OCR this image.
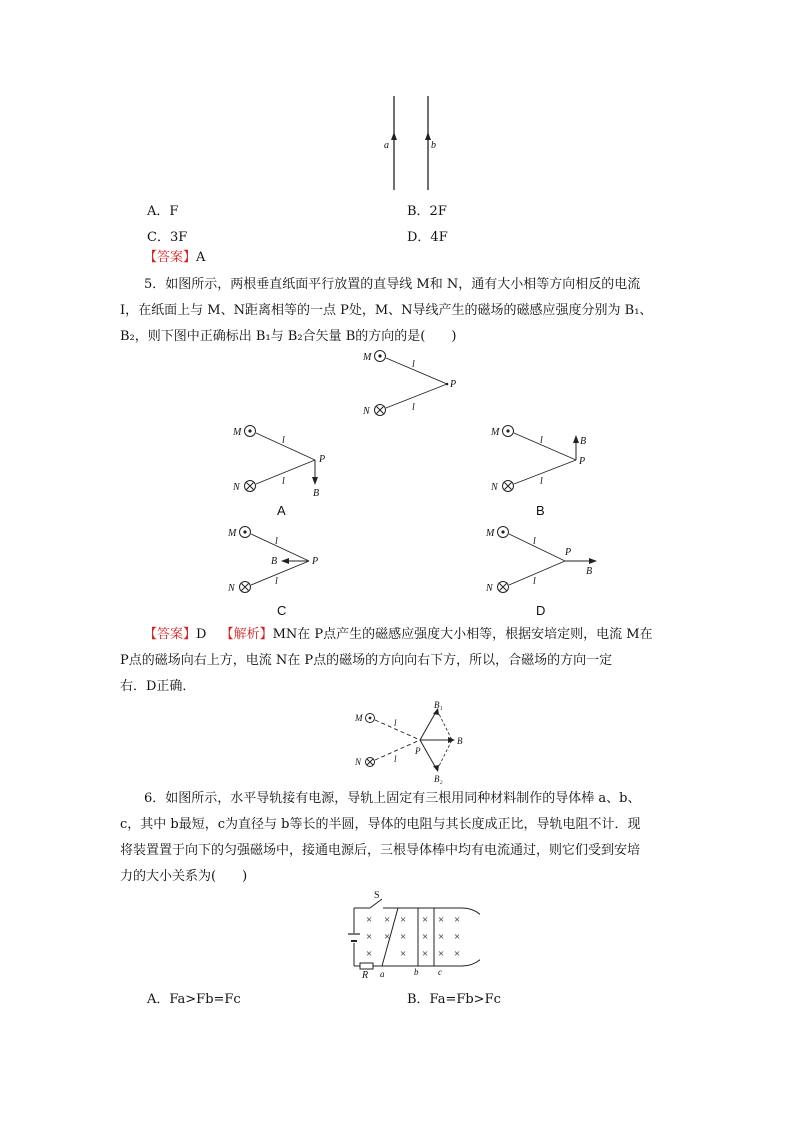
a	b
A．F	B．2F
C．3F	D．4F
【答案】A
5．如图所示，两根垂直纸面平行放置的直导线 M和 N，通有大小相等方向相反的电流
I，在纸面上与 M、N距离相等的一点 P处，M、N导线产生的磁场的磁感应强度分别为 B₁、
B₂，则下图中正确标出 B₁与 B₂合矢量 B的方向的是(　　)
M
N
P
l
l
M
N
P
B
l
l
A
M
N
B
P
l
l
B
M
N
B	P
l
l
C
M
N
P
B
l
l
D
【答案】D 【解析】MN在 P点产生的磁感应强度大小相等，根据安培定则，电流 M在
P点的磁场向右上方，电流 N在 P点的磁场的方向向右下方，所以，合磁场的方向一定
右．D正确．
M
N
B₁
B₂
B
P
l
l
6．如图所示，水平导轨接有电源，导轨上固定有三根用同种材料制作的导体棒 a、b、
c，其中 b最短，c为直径与 b等长的半圆，导体的电阻与其长度成正比，导轨电阻不计．现
将装置置于向下的匀强磁场中，接通电源后，三根导体棒中均有电流通过，则它们受到安培
力的大小关系为(　　)
×
×
×
×
×
×
×
×
×
×
×
×
×
×
×
×
×
S
R a	b c
A．Fa>Fb=Fc	B．Fa=Fb>Fc
